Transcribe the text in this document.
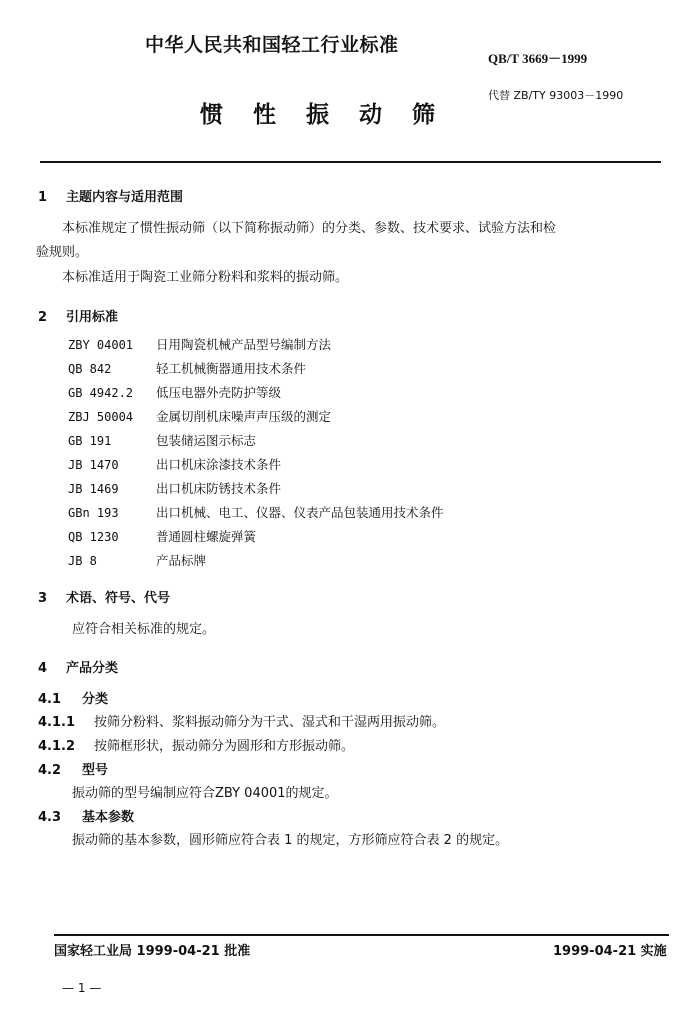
中华人民共和国轻工行业标准
QB/T 3669－1999
代替 ZB/TY 93003－1990
惯 性 振 动 筛
1 主题内容与适用范围
本标准规定了惯性振动筛（以下简称振动筛）的分类、参数、技术要求、试验方法和检
验规则。
本标准适用于陶瓷工业筛分粉料和浆料的振动筛。
2 引用标准
ZBY 04001 日用陶瓷机械产品型号编制方法
QB 842	轻工机械衡器通用技术条件
GB 4942.2 低压电器外壳防护等级
ZBJ 50004 金属切削机床噪声声压级的测定
GB 191	包装储运图示标志
JB 1470	出口机床涂漆技术条件
JB 1469	出口机床防锈技术条件
GBn 193	出口机械、电工、仪器、仪表产品包装通用技术条件
QB 1230	普通圆柱螺旋弹簧
JB 8	产品标牌
3 术语、符号、代号
应符合相关标准的规定。
4 产品分类
4.1 分类
4.1.1 按筛分粉料、浆料振动筛分为干式、湿式和干湿两用振动筛。
4.1.2 按筛框形状，振动筛分为圆形和方形振动筛。
4.2 型号
振动筛的型号编制应符合ZBY 04001的规定。
4.3 基本参数
振动筛的基本参数，圆形筛应符合表 1 的规定，方形筛应符合表 2 的规定。
国家轻工业局 1999-04-21 批准	1999-04-21 实施
— 1 —
